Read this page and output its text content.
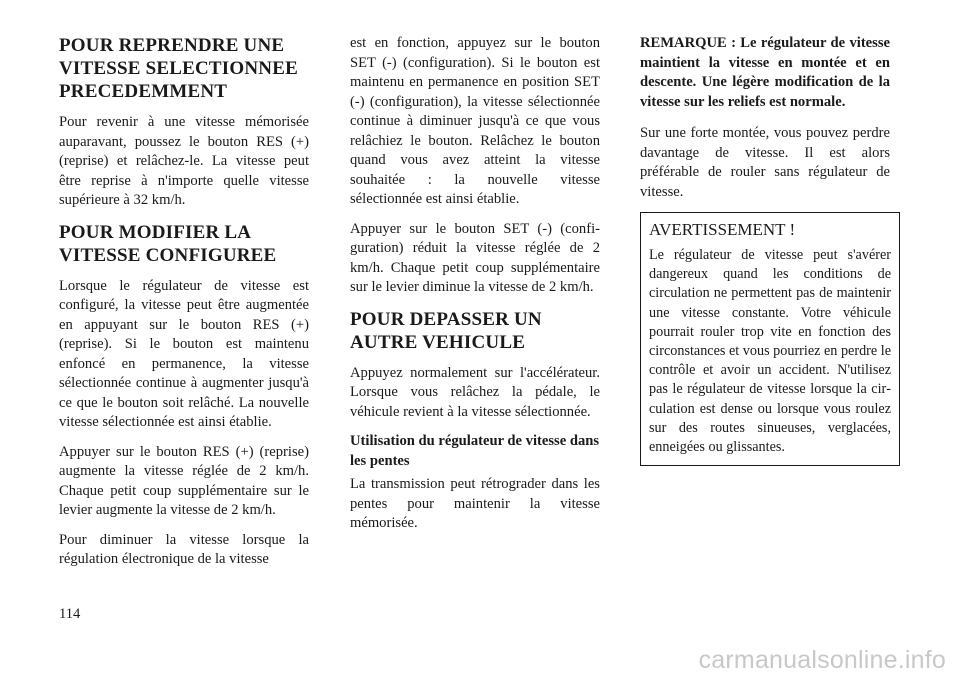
POUR REPRENDRE UNE VITESSE SELECTIONNEE PRECEDEMMENT

Pour revenir à une vitesse mémorisée auparavant, poussez le bouton RES (+) (reprise) et relâchez-le. La vitesse peut être reprise à n'importe quelle vitesse supérieure à 32 km/h.

POUR MODIFIER LA VITESSE CONFIGUREE

Lorsque le régulateur de vitesse est configuré, la vitesse peut être augmentée en appuyant sur le bouton RES (+) (reprise). Si le bouton est maintenu enfoncé en permanence, la vitesse sélectionnée continue à augmenter jusqu'à ce que le bouton soit relâché. La nouvelle vitesse sélectionnée est ainsi établie.

Appuyer sur le bouton RES (+) (reprise) augmente la vitesse réglée de 2 km/h. Chaque petit coup supplémentaire sur le levier augmente la vitesse de 2 km/h.

Pour diminuer la vitesse lorsque la régulation électronique de la vitesse

est en fonction, appuyez sur le bouton SET (-) (configuration). Si le bouton est maintenu en permanence en position SET (-) (configuration), la vitesse sélectionnée continue à diminuer jusqu'à ce que vous relâchiez le bouton. Relâchez le bouton quand vous avez atteint la vitesse souhaitée : la nouvelle vitesse sélectionnée est ainsi établie.

Appuyer sur le bouton SET (-) (configuration) réduit la vitesse réglée de 2 km/h. Chaque petit coup supplémentaire sur le levier diminue la vitesse de 2 km/h.

POUR DEPASSER UN AUTRE VEHICULE

Appuyez normalement sur l'accélérateur. Lorsque vous relâchez la pédale, le véhicule revient à la vitesse sélectionnée.

Utilisation du régulateur de vitesse dans les pentes

La transmission peut rétrograder dans les pentes pour maintenir la vitesse mémorisée.

REMARQUE : Le régulateur de vitesse maintient la vitesse en montée et en descente. Une légère modification de la vitesse sur les reliefs est normale.

Sur une forte montée, vous pouvez perdre davantage de vitesse. Il est alors préférable de rouler sans régulateur de vitesse.

AVERTISSEMENT !

Le régulateur de vitesse peut s'avérer dangereux quand les conditions de circulation ne permettent pas de maintenir une vitesse constante. Votre véhicule pourrait rouler trop vite en fonction des circonstances et vous pourriez en perdre le contrôle et avoir un accident. N'utilisez pas le régulateur de vitesse lorsque la circulation est dense ou lorsque vous roulez sur des routes sinueuses, verglacées, enneigées ou glissantes.

114
carmanualsonline.info
